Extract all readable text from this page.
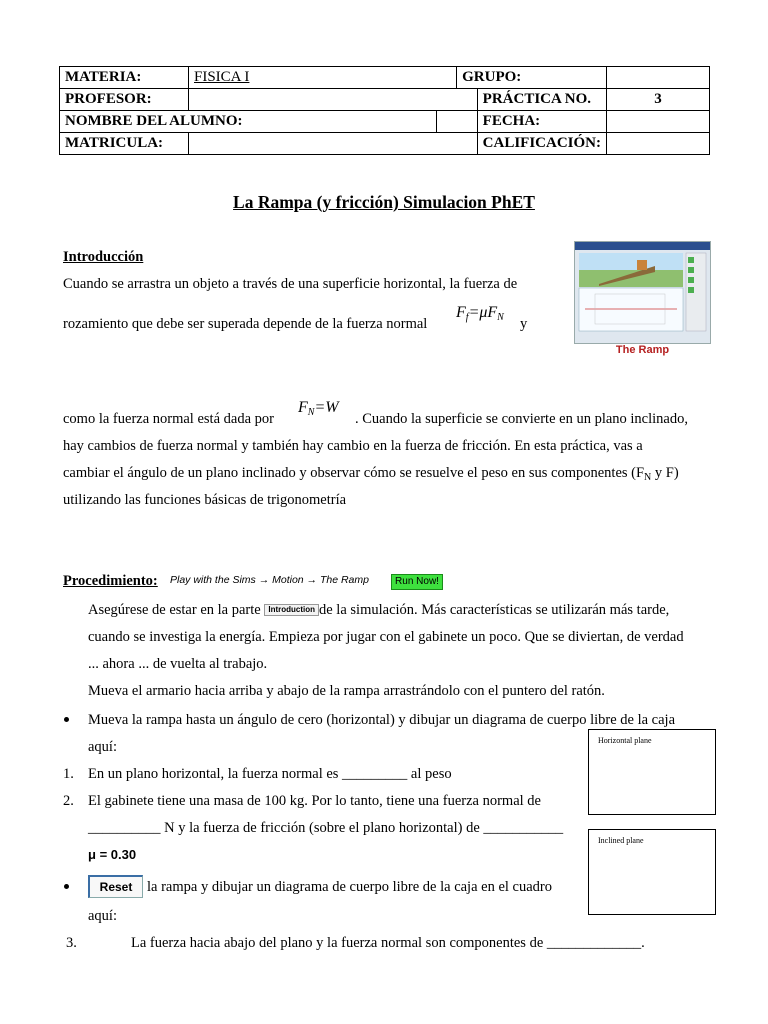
MATERIA:	FISICA I		GRUPO:		
PROFESOR:				PRÁCTICA NO.	3
NOMBRE DEL ALUMNO:				FECHA:	
MATRICULA:				CALIFICACIÓN:	
La Rampa (y fricción) Simulacion PhET
Introducción
Cuando se arrastra un objeto a través de una superficie horizontal, la fuerza de
rozamiento que debe ser superada depende de la fuerza normal
$F_f=\mu F_N$ y
The Ramp
como la fuerza normal está dada por
$F_N=W$
. Cuando la superficie se convierte en un plano inclinado,
hay cambios de fuerza normal y también hay cambio en la fuerza de fricción. En esta práctica, vas a
cambiar el ángulo de un plano inclinado y observar cómo se resuelve el peso en sus componentes ($F_N$ y F)
utilizando las funciones básicas de trigonometría
Procedimiento: Play with the Sims → Motion → The Ramp	Run Now!
Asegúrese de estar en la parte Introduction de la simulación. Más características se utilizarán más tarde,
cuando se investiga la energía. Empieza por jugar con el gabinete un poco. Que se diviertan, de verdad
... ahora ... de vuelta al trabajo.
Mueva el armario hacia arriba y abajo de la rampa arrastrándolo con el puntero del ratón.
Mueva la rampa hasta un ángulo de cero (horizontal) y dibujar un diagrama de cuerpo libre de la caja
aquí:
1. En un plano horizontal, la fuerza normal es _________ al peso
2. El gabinete tiene una masa de 100 kg. Por lo tanto, tiene una fuerza normal de
__________ N y la fuerza de fricción (sobre el plano horizontal) de ___________
μ = 0.30
Reset	la rampa y dibujar un diagrama de cuerpo libre de la caja en el cuadro
aquí:
3.	La fuerza hacia abajo del plano y la fuerza normal son componentes de _____________.
Horizontal plane
Inclined plane
